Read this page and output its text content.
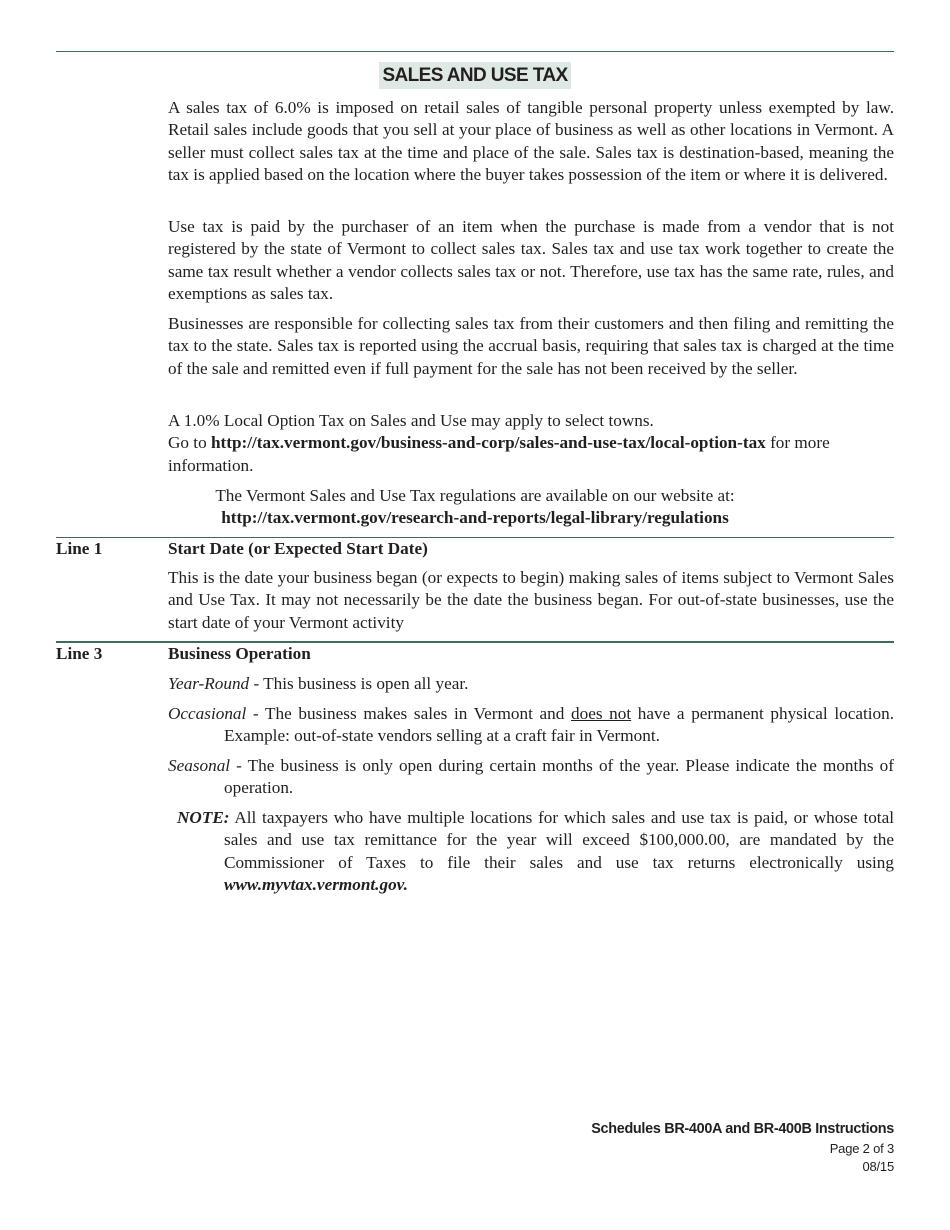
SALES AND USE TAX

A sales tax of 6.0% is imposed on retail sales of tangible personal property unless exempted by law. Retail sales include goods that you sell at your place of business as well as other locations in Vermont. A seller must collect sales tax at the time and place of the sale. Sales tax is destination-based, meaning the tax is applied based on the location where the buyer takes possession of the item or where it is delivered.

Use tax is paid by the purchaser of an item when the purchase is made from a vendor that is not registered by the state of Vermont to collect sales tax. Sales tax and use tax work together to create the same tax result whether a vendor collects sales tax or not. Therefore, use tax has the same rate, rules, and exemptions as sales tax.

Businesses are responsible for collecting sales tax from their customers and then filing and remitting the tax to the state. Sales tax is reported using the accrual basis, requiring that sales tax is charged at the time of the sale and remitted even if full payment for the sale has not been received by the seller.

A 1.0% Local Option Tax on Sales and Use may apply to select towns.
Go to http://tax.vermont.gov/business-and-corp/sales-and-use-tax/local-option-tax for more information.
The Vermont Sales and Use Tax regulations are available on our website at:
http://tax.vermont.gov/research-and-reports/legal-library/regulations
Line 1	Start Date (or Expected Start Date)

This is the date your business began (or expects to begin) making sales of items subject to Vermont Sales and Use Tax. It may not necessarily be the date the business began. For out-of-state businesses, use the start date of your Vermont activity

Line 3	Business Operation

Year-Round - This business is open all year.

Occasional - The business makes sales in Vermont and does not have a permanent physical location. Example: out-of-state vendors selling at a craft fair in Vermont.

Seasonal - The business is only open during certain months of the year. Please indicate the months of operation.

NOTE: All taxpayers who have multiple locations for which sales and use tax is paid, or whose total sales and use tax remittance for the year will exceed $100,000.00, are mandated by the Commissioner of Taxes to file their sales and use tax returns electronically using www.myvtax.vermont.gov.

Schedules BR-400A and BR-400B Instructions
Page 2 of 3
08/15
